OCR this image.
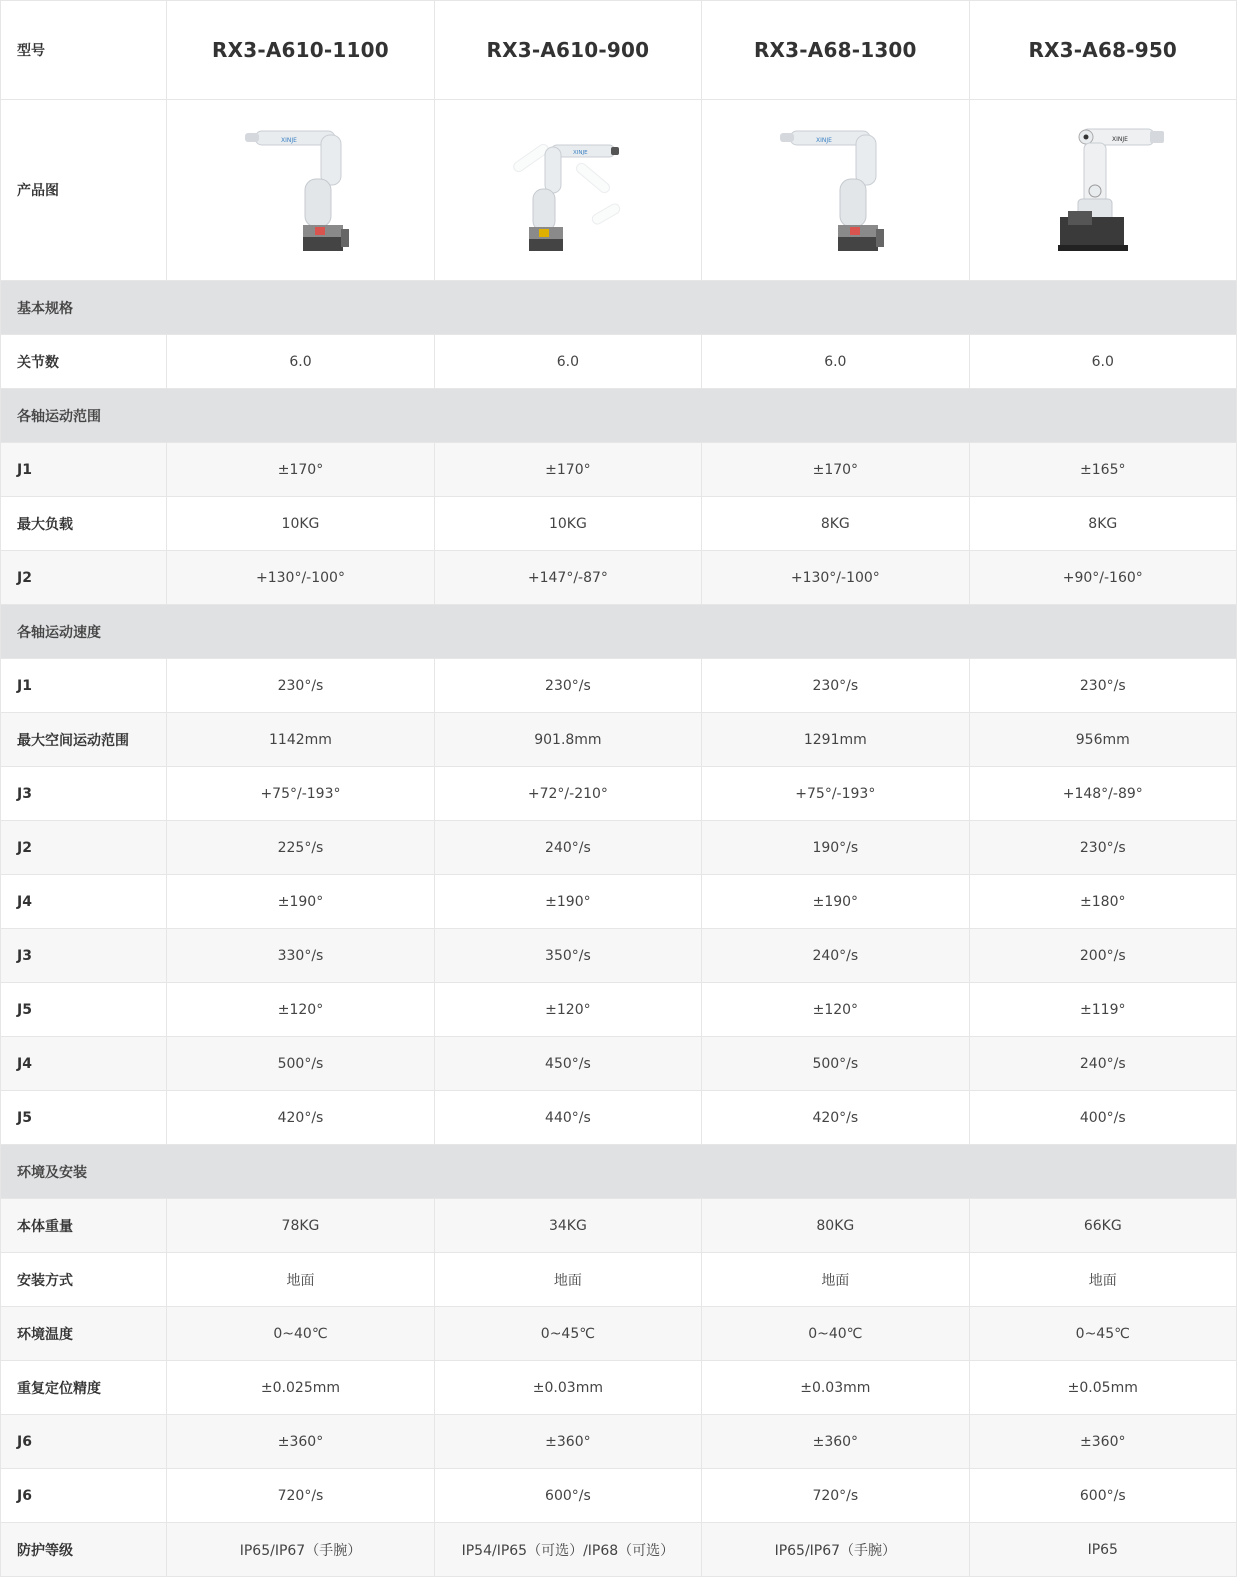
型号	RX3-A610-1100	RX3-A610-900	RX3-A68-1300	RX3-A68-950
产品图	XINJE	XINJE	XINJE	XINJE

基本规格				
关节数	6.0	6.0	6.0	6.0
各轴运动范围				
J1	±170°	±170°	±170°	±165°
最大负载	10KG	10KG	8KG	8KG
J2	+130°/-100°	+147°/-87°	+130°/-100°	+90°/-160°
各轴运动速度				
J1	230°/s	230°/s	230°/s	230°/s
最大空间运动范围	1142mm	901.8mm	1291mm	956mm
J3	+75°/-193°	+72°/-210°	+75°/-193°	+148°/-89°
J2	225°/s	240°/s	190°/s	230°/s
J4	±190°	±190°	±190°	±180°
J3	330°/s	350°/s	240°/s	200°/s
J5	±120°	±120°	±120°	±119°
J4	500°/s	450°/s	500°/s	240°/s
J5	420°/s	440°/s	420°/s	400°/s
环境及安装				
本体重量	78KG	34KG	80KG	66KG
安装方式	地面	地面	地面	地面
环境温度	0~40℃	0~45℃	0~40℃	0~45℃
重复定位精度	±0.025mm	±0.03mm	±0.03mm	±0.05mm
J6	±360°	±360°	±360°	±360°
J6	720°/s	600°/s	720°/s	600°/s
防护等级	IP65/IP67（手腕）	IP54/IP65（可选）/IP68（可选）	IP65/IP67（手腕）	IP65
